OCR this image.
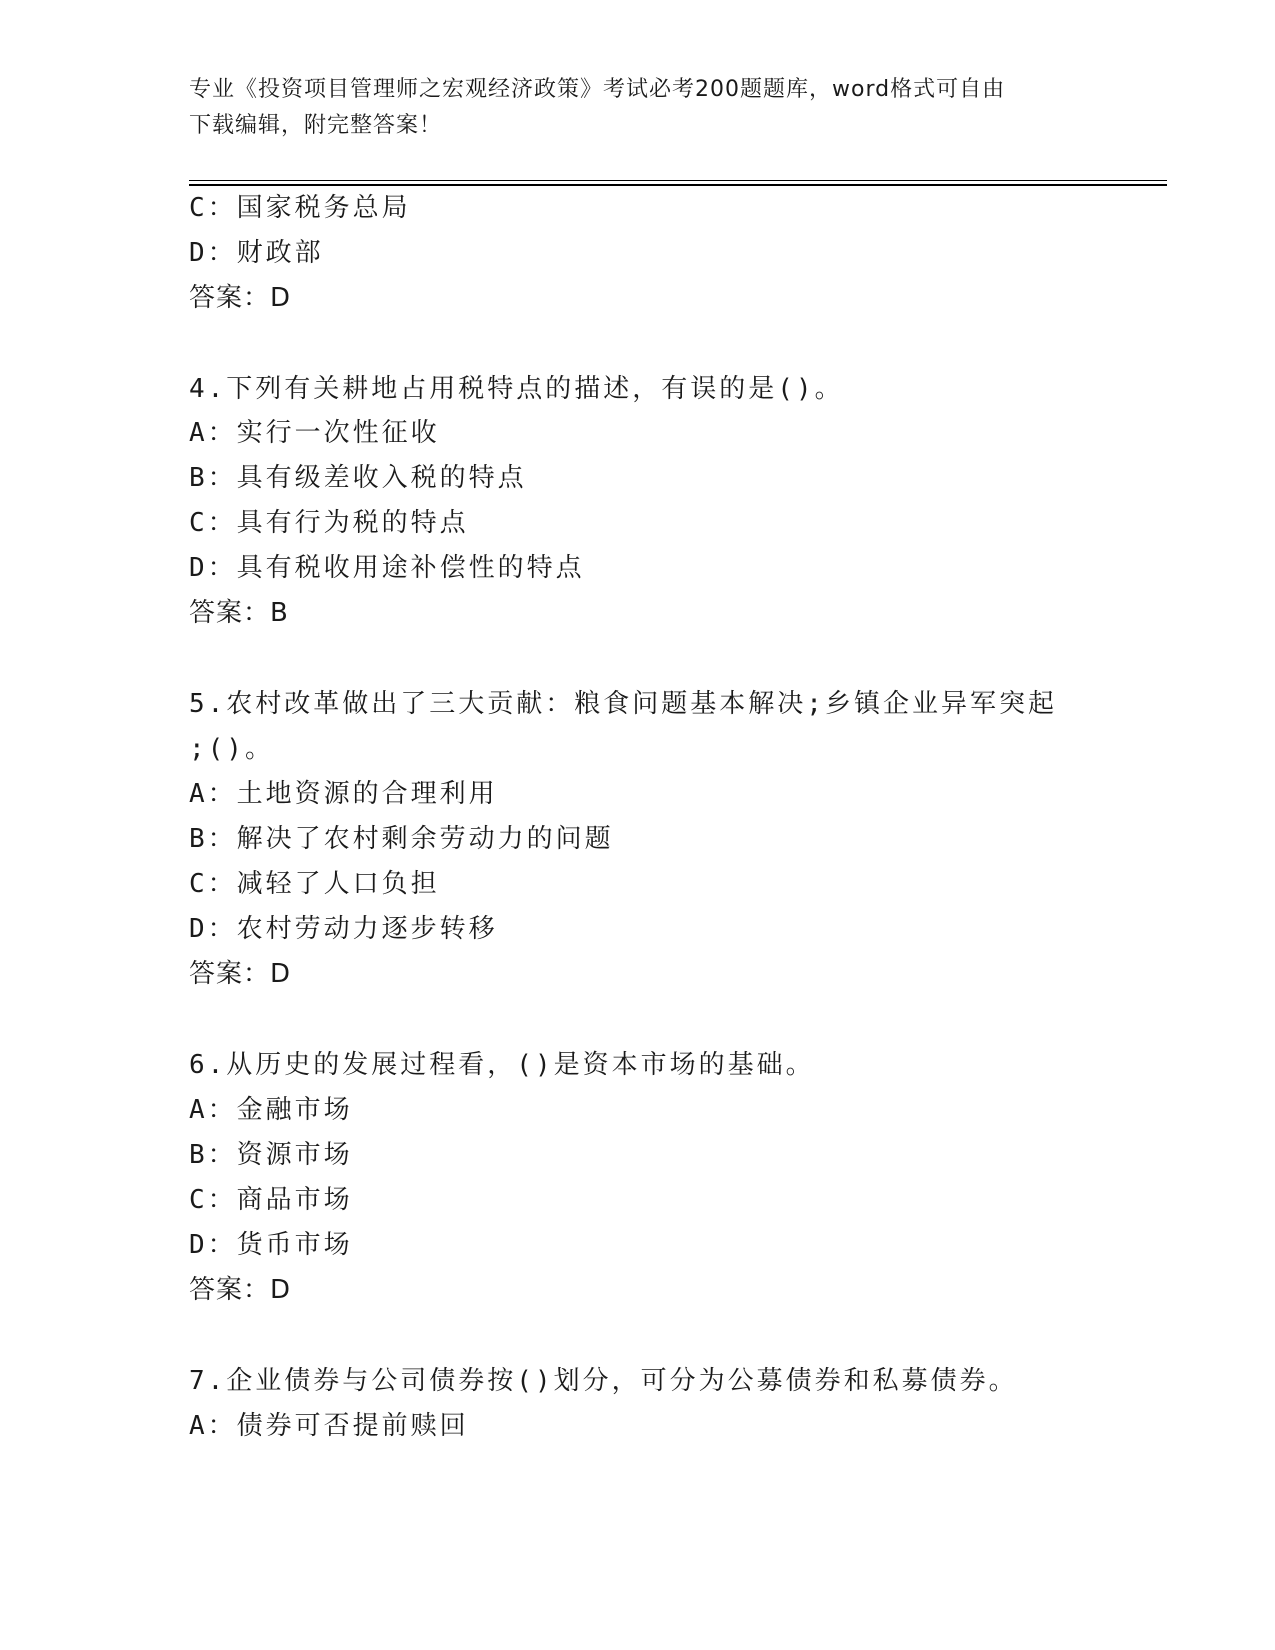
专业《投资项目管理师之宏观经济政策》考试必考200题题库，word格式可自由
下载编辑，附完整答案！
C：国家税务总局
D：财政部
答案：D
4.下列有关耕地占用税特点的描述，有误的是()。
A：实行一次性征收
B：具有级差收入税的特点
C：具有行为税的特点
D：具有税收用途补偿性的特点
答案：B
5.农村改革做出了三大贡献：粮食问题基本解决;乡镇企业异军突起
;()。
A：土地资源的合理利用
B：解决了农村剩余劳动力的问题
C：减轻了人口负担
D：农村劳动力逐步转移
答案：D
6.从历史的发展过程看，()是资本市场的基础。
A：金融市场
B：资源市场
C：商品市场
D：货币市场
答案：D
7.企业债券与公司债券按()划分，可分为公募债券和私募债券。
A：债券可否提前赎回
